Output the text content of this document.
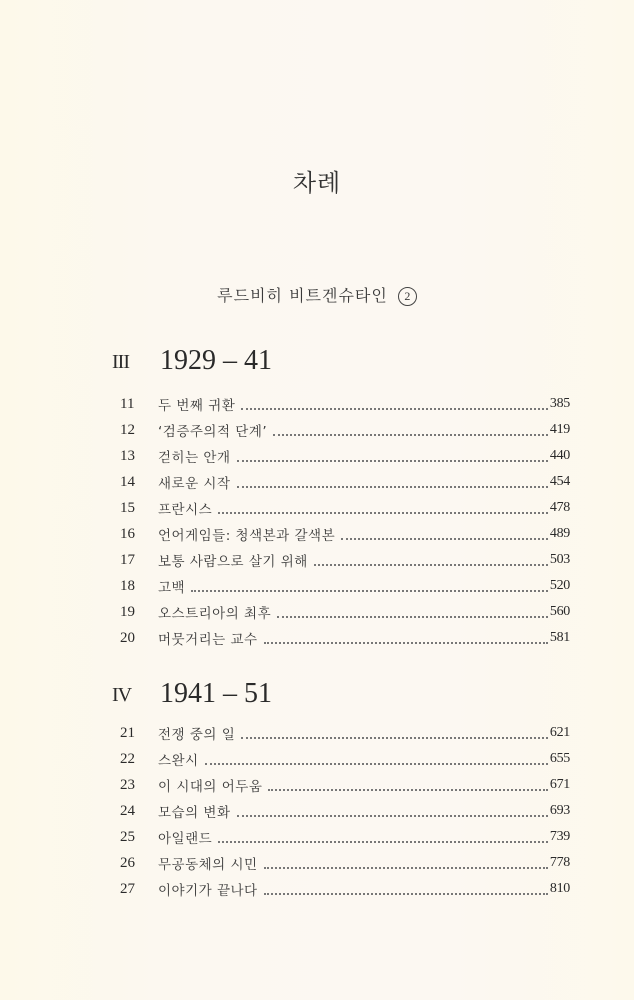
차례
루드비히 비트겐슈타인 2
III 1929 – 41
11	두 번째 귀환	385
12	‘검증주의적 단계’	419
13	걷히는 안개	440
14	새로운 시작	454
15	프란시스	478
16	언어게임들: 청색본과 갈색본	489
17	보통 사람으로 살기 위해	503
18	고백	520
19	오스트리아의 최후	560
20	머뭇거리는 교수	581
IV 1941 – 51
21	전쟁 중의 일	621
22	스완시	655
23	이 시대의 어두움	671
24	모습의 변화	693
25	아일랜드	739
26	무공동체의 시민	778
27	이야기가 끝나다	810
